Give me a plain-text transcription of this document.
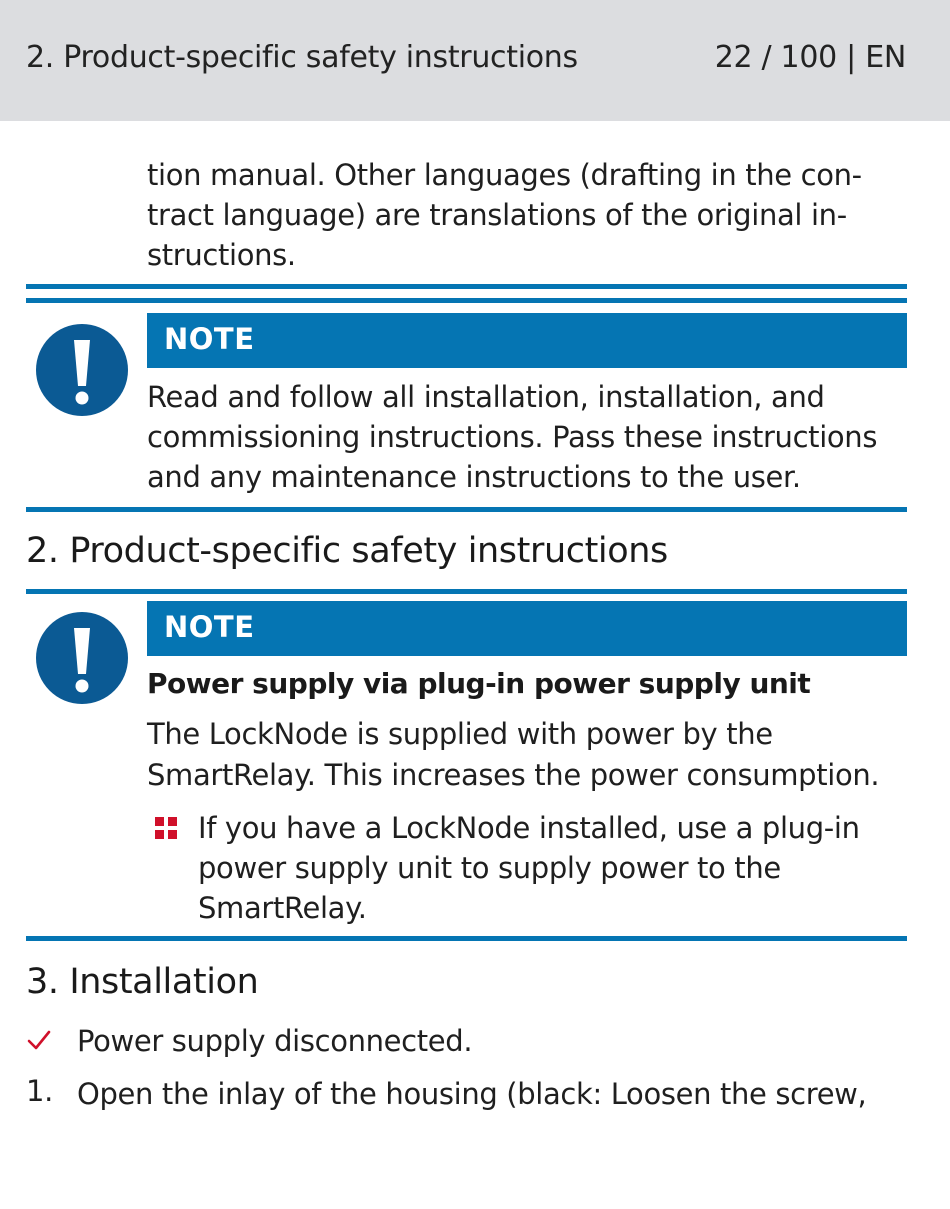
2. Product-specific safety instructions	22 / 100 | EN
tion manual. Other languages (drafting in the con-
tract language) are translations of the original in-
structions.
NOTE
Read and follow all installation, installation, and
commissioning instructions. Pass these instructions
and any maintenance instructions to the user.
2. Product-specific safety instructions
NOTE
Power supply via plug-in power supply unit
The LockNode is supplied with power by the
SmartRelay. This increases the power consumption.
If you have a LockNode installed, use a plug-in
power supply unit to supply power to the
SmartRelay.
3. Installation
Power supply disconnected.
1. Open the inlay of the housing (black: Loosen the screw,
